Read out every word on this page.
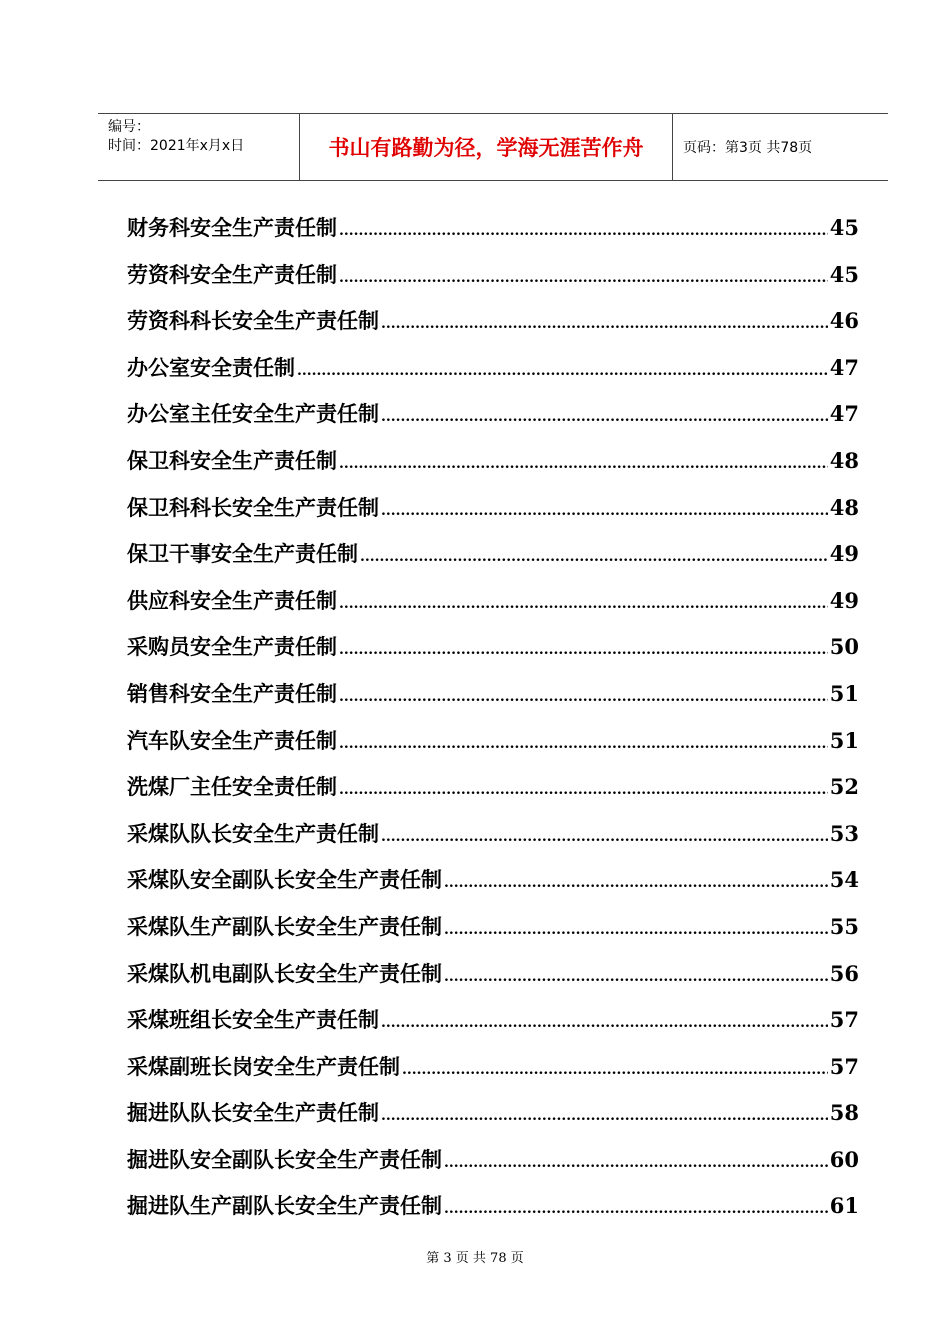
编号：
时间：2021年x月x日	书山有路勤为径，学海无涯苦作舟	页码：第3页 共78页
财务科安全生产责任制 .....	45
劳资科安全生产责任制 .....	45
劳资科科长安全生产责任制 .....	46
办公室安全责任制 .....	47
办公室主任安全生产责任制 .....	47
保卫科安全生产责任制 .....	48
保卫科科长安全生产责任制 .....	48
保卫干事安全生产责任制 .....	49
供应科安全生产责任制 .....	49
采购员安全生产责任制 .....	50
销售科安全生产责任制 .....	51
汽车队安全生产责任制 .....	51
洗煤厂主任安全责任制 .....	52
采煤队队长安全生产责任制 .....	53
采煤队安全副队长安全生产责任制 .....	54
采煤队生产副队长安全生产责任制 .....	55
采煤队机电副队长安全生产责任制 .....	56
采煤班组长安全生产责任制 .....	57
采煤副班长岗安全生产责任制 .....	57
掘进队队长安全生产责任制 .....	58
掘进队安全副队长安全生产责任制 .....	60
掘进队生产副队长安全生产责任制 .....	61
第 3 页 共 78 页
